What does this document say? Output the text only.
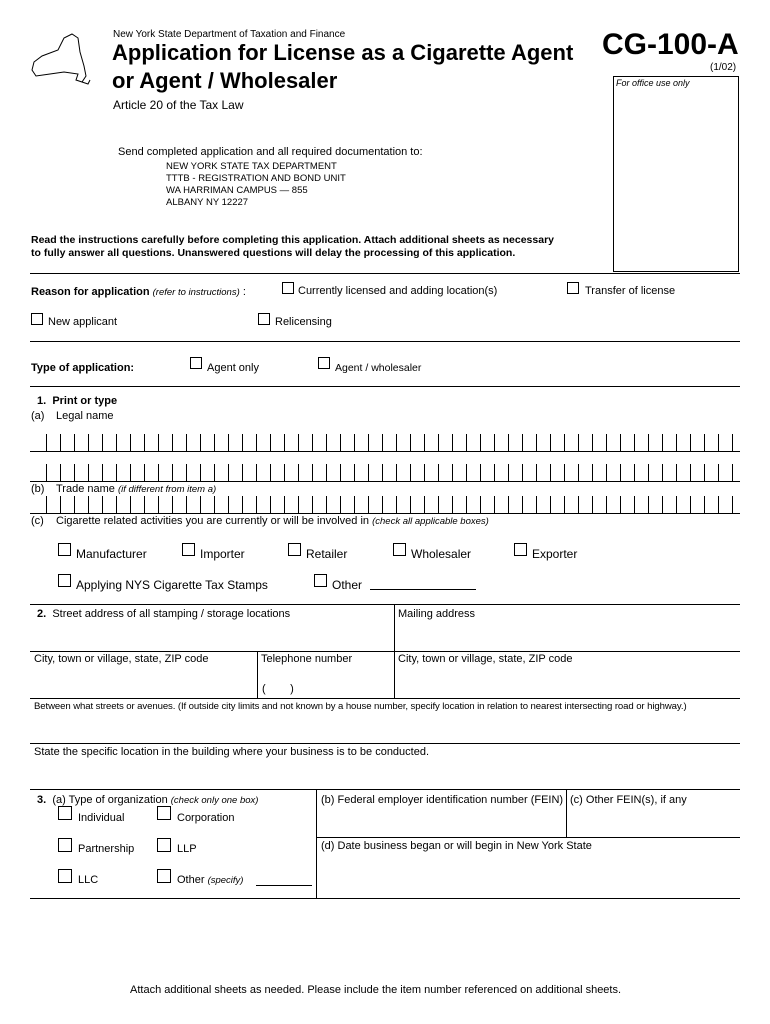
New York State Department of Taxation and Finance
Application for License as a Cigarette Agent
or Agent / Wholesaler
Article 20 of the Tax Law
CG-100-A
(1/02)
For office use only
Send completed application and all required documentation to:
NEW YORK STATE TAX DEPARTMENT
TTTB - REGISTRATION AND BOND UNIT
WA HARRIMAN CAMPUS — 855
ALBANY NY 12227
Read the instructions carefully before completing this application. Attach additional sheets as necessary
to fully answer all questions. Unanswered questions will delay the processing of this application.
Reason for application (refer to instructions) :	Currently licensed and adding location(s)	Transfer of license
New applicant	Relicensing
Type of application:	Agent only	Agent / wholesaler
1. Print or type
(a) Legal name
(b) Trade name (if different from item a)
(c) Cigarette related activities you are currently or will be involved in (check all applicable boxes)
Manufacturer	Importer	Retailer	Wholesaler	Exporter
Applying NYS Cigarette Tax Stamps	Other
2. Street address of all stamping / storage locations	Mailing address
City, town or village, state, ZIP code	Telephone number
(        )
City, town or village, state, ZIP code
Between what streets or avenues. (If outside city limits and not known by a house number, specify location in relation to nearest intersecting road or highway.)
State the specific location in the building where your business is to be conducted.
3. (a) Type of organization (check only one box)
Individual	Corporation
Partnership	LLP
LLC	Other (specify)
(b) Federal employer identification number (FEIN) (c) Other FEIN(s), if any
(d) Date business began or will begin in New York State
Attach additional sheets as needed. Please include the item number referenced on additional sheets.
